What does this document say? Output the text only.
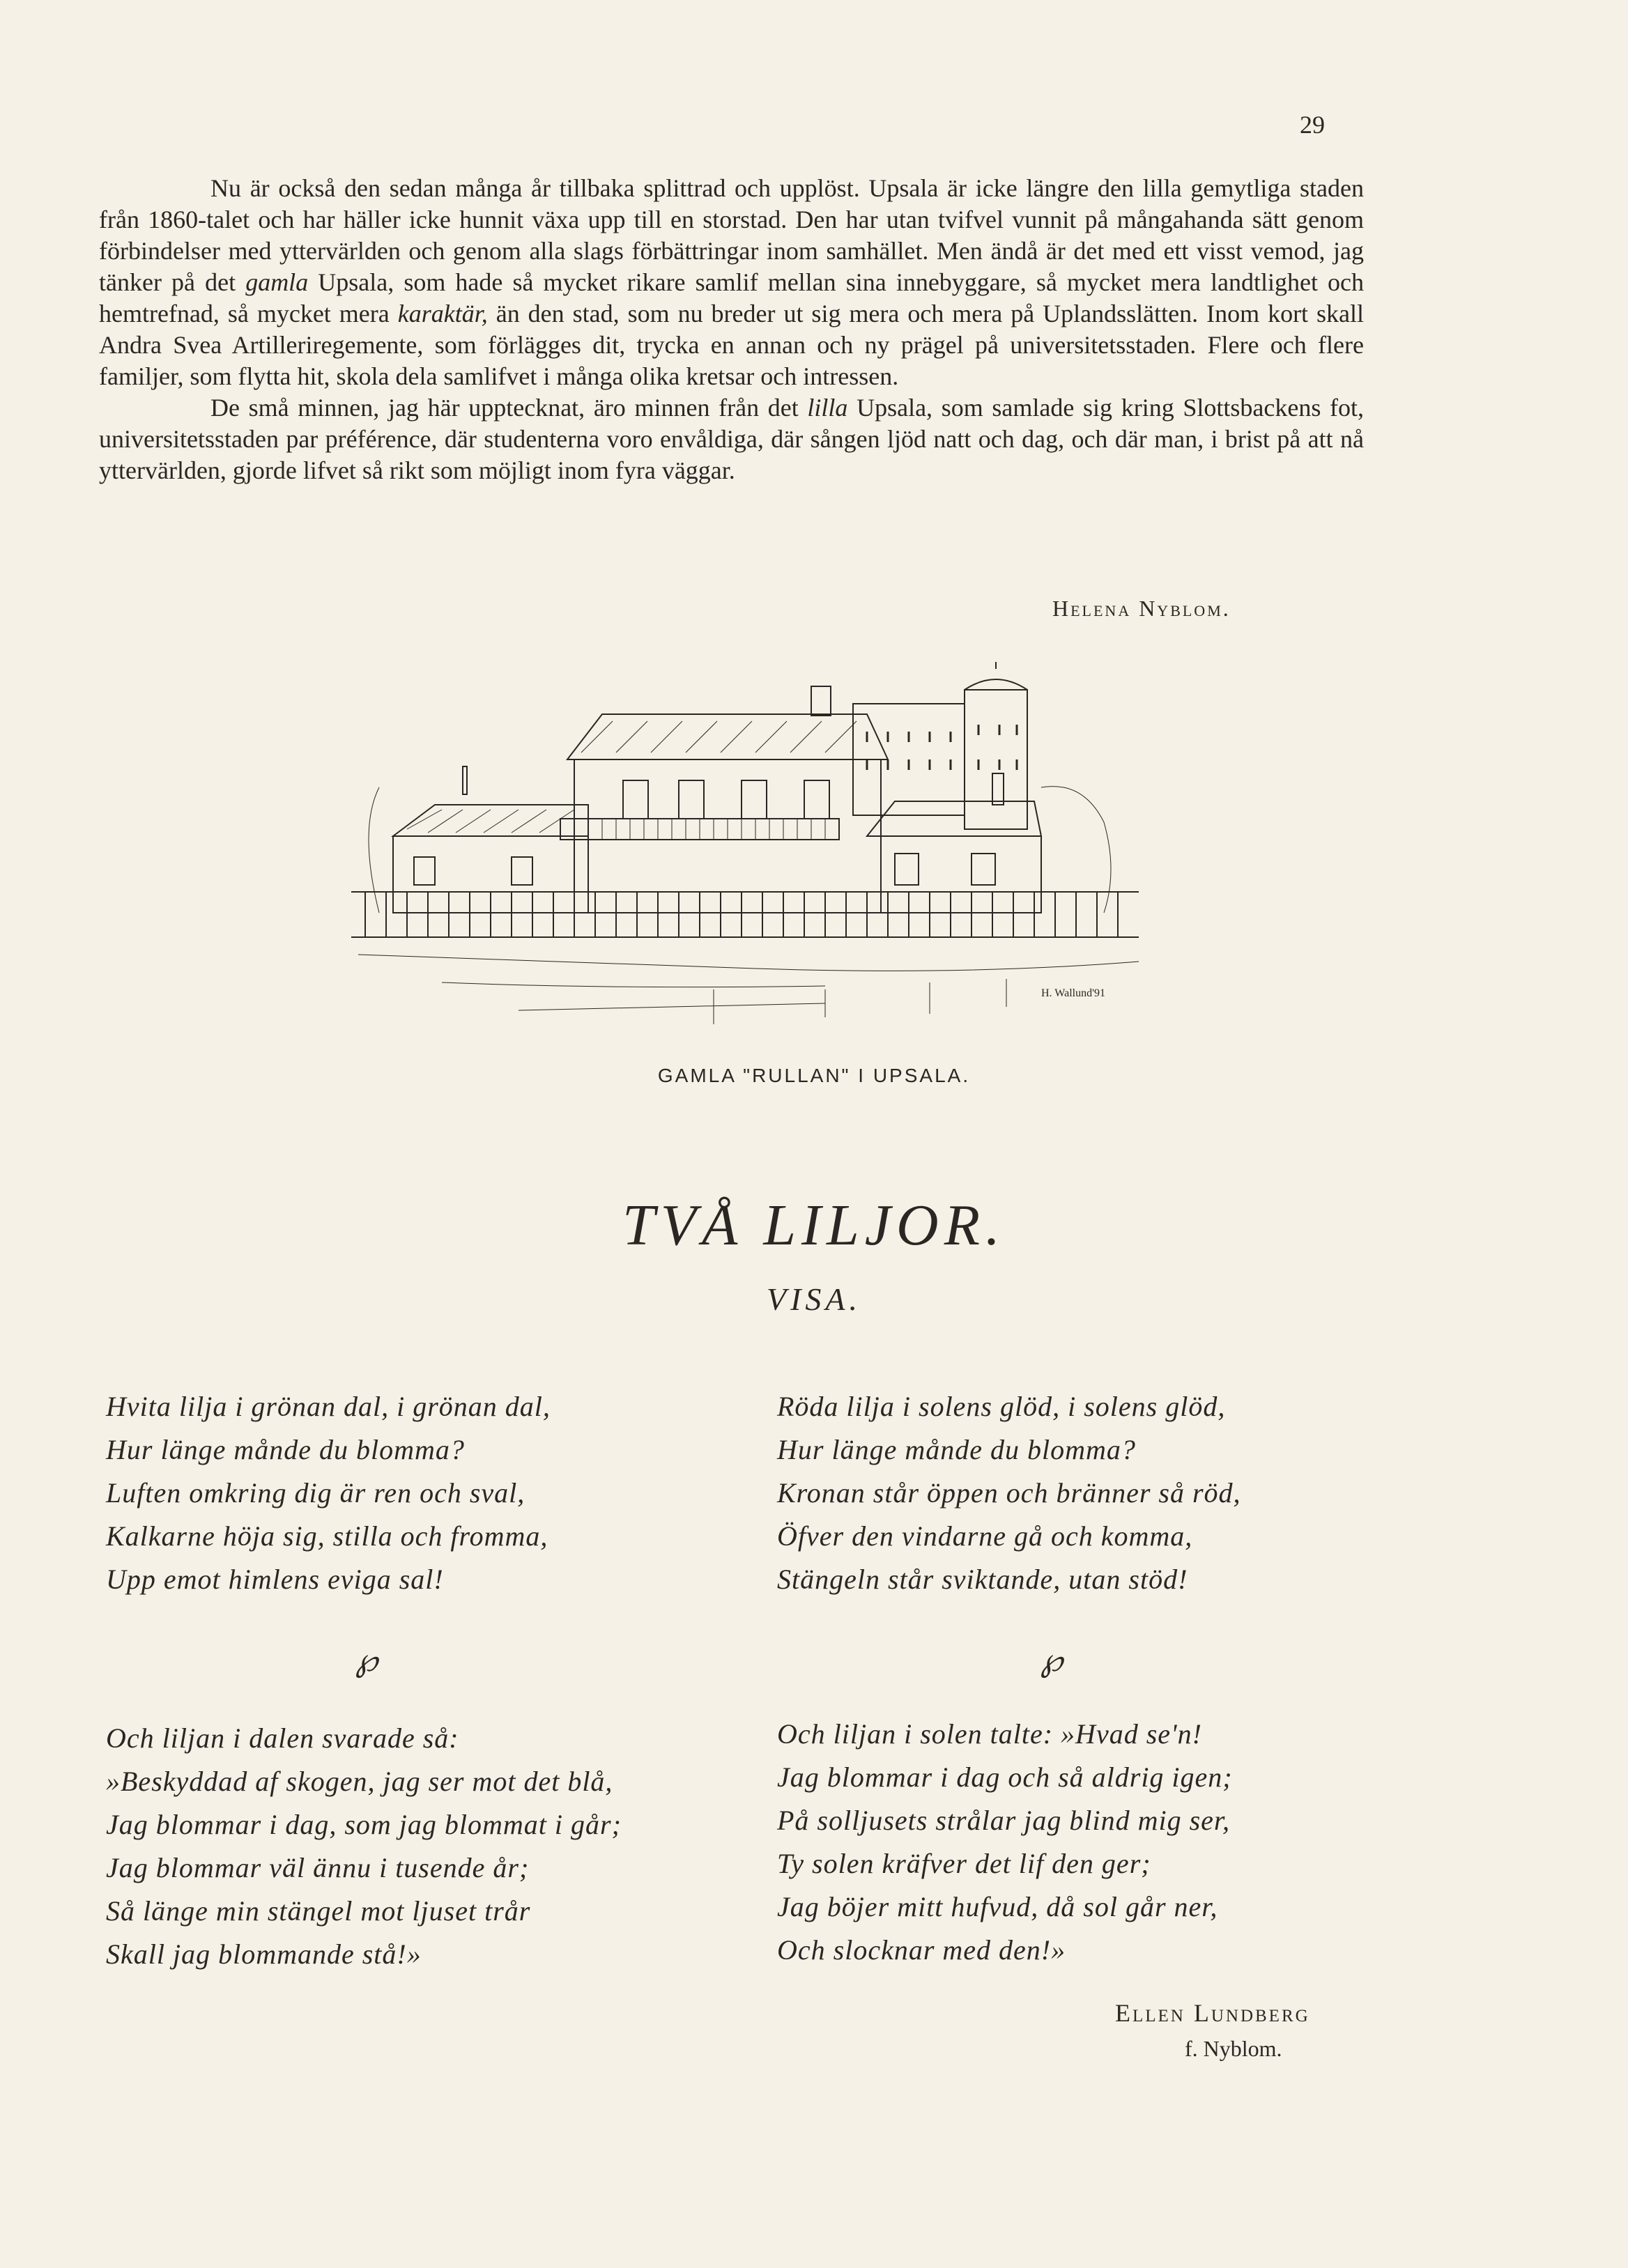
29

Nu är också den sedan många år tillbaka splittrad och upplöst. Upsala är icke längre den lilla gemytliga staden från 1860-talet och har häller icke hunnit växa upp till en storstad. Den har utan tvifvel vunnit på mångahanda sätt genom förbindelser med yttervärlden och genom alla slags förbättringar inom samhället. Men ändå är det med ett visst vemod, jag tänker på det gamla Upsala, som hade så mycket rikare samlif mellan sina innebyggare, så mycket mera landtlighet och hemtrefnad, så mycket mera karaktär, än den stad, som nu breder ut sig mera och mera på Uplandsslätten. Inom kort skall Andra Svea Artilleriregemente, som förlägges dit, trycka en annan och ny prägel på universitetsstaden. Flere och flere familjer, som flytta hit, skola dela samlifvet i många olika kretsar och intressen.

De små minnen, jag här upptecknat, äro minnen från det lilla Upsala, som samlade sig kring Slottsbackens fot, universitetsstaden par préférence, där studenterna voro envåldiga, där sången ljöd natt och dag, och där man, i brist på att nå yttervärlden, gjorde lifvet så rikt som möjligt inom fyra väggar.

Helena Nyblom.
H. Wallund'91
GAMLA "RULLAN" I UPSALA.
TVÅ LILJOR.
VISA.
Hvita lilja i grönan dal, i grönan dal,
Hur länge månde du blomma?
Luften omkring dig är ren och sval,
Kalkarne höja sig, stilla och fromma,
Upp emot himlens eviga sal!
Röda lilja i solens glöd, i solens glöd,
Hur länge månde du blomma?
Kronan står öppen och bränner så röd,
Öfver den vindarne gå och komma,
Stängeln står sviktande, utan stöd!
℘	℘
Och liljan i dalen svarade så:
»Beskyddad af skogen, jag ser mot det blå,
Jag blommar i dag, som jag blommat i går;
Jag blommar väl ännu i tusende år;
Så länge min stängel mot ljuset trår
Skall jag blommande stå!»
Och liljan i solen talte: »Hvad se'n!
Jag blommar i dag och så aldrig igen;
På solljusets strålar jag blind mig ser,
Ty solen kräfver det lif den ger;
Jag böjer mitt hufvud, då sol går ner,
Och slocknar med den!»
Ellen Lundberg
f. Nyblom.
